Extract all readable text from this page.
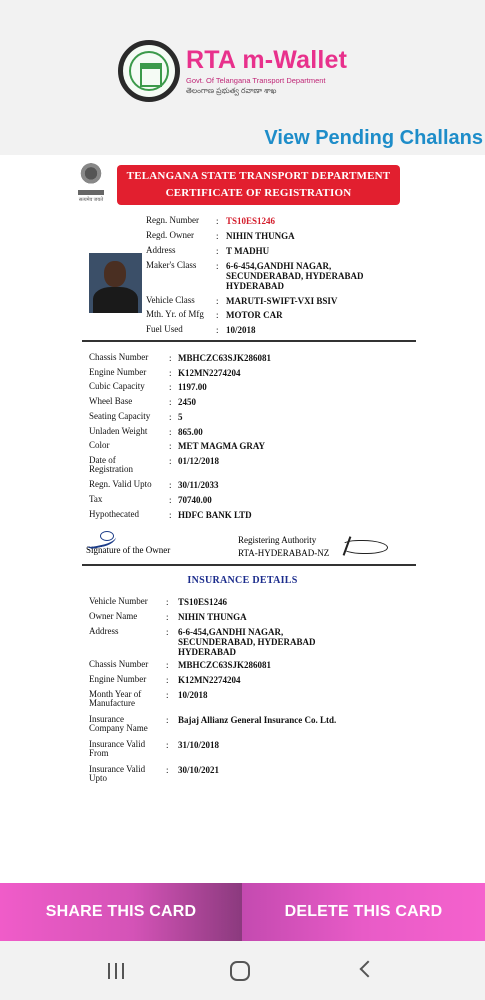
RTA m-Wallet
Govt. Of Telangana Transport Department
తెలంగాణ ప్రభుత్వ రవాణా శాఖ
View Pending Challans
सत्यमेव जयते
TELANGANA STATE TRANSPORT DEPARTMENT
CERTIFICATE OF REGISTRATION
Regn. Number : TS10ES1246
Regd. Owner : NIHIN THUNGA
Address	: T MADHU
Maker's Class : 6-6-454,GANDHI NAGAR, SECUNDERABAD, HYDERABAD HYDERABAD
Vehicle Class : MARUTI-SWIFT-VXI BSIV
Mth. Yr. of Mfg : MOTOR CAR
Fuel Used	: 10/2018
Chassis Number : MBHCZC63SJK286081
Engine Number	: K12MN2274204
Cubic Capacity	: 1197.00
Wheel Base	: 2450
Seating Capacity : 5
Unladen Weight : 865.00
Color	: MET MAGMA GRAY
Date of Registration
: 01/12/2018
Regn. Valid Upto : 30/11/2033
Tax	: 70740.00
Hypothecated	: HDFC BANK LTD
Signature of the Owner
Registering Authority
RTA-HYDERABAD-NZ
INSURANCE DETAILS
Vehicle Number : TS10ES1246
Owner Name	: NIHIN THUNGA
Address	: 6-6-454,GANDHI NAGAR, SECUNDERABAD, HYDERABAD HYDERABAD
Chassis Number : MBHCZC63SJK286081
Engine Number : K12MN2274204
Month Year of Manufacture
: 10/2018
Insurance Company Name
: Bajaj Allianz General Insurance Co. Ltd.
Insurance Valid From
: 31/10/2018
Insurance Valid Upto
: 30/10/2021
SHARE THIS CARD	DELETE THIS CARD
